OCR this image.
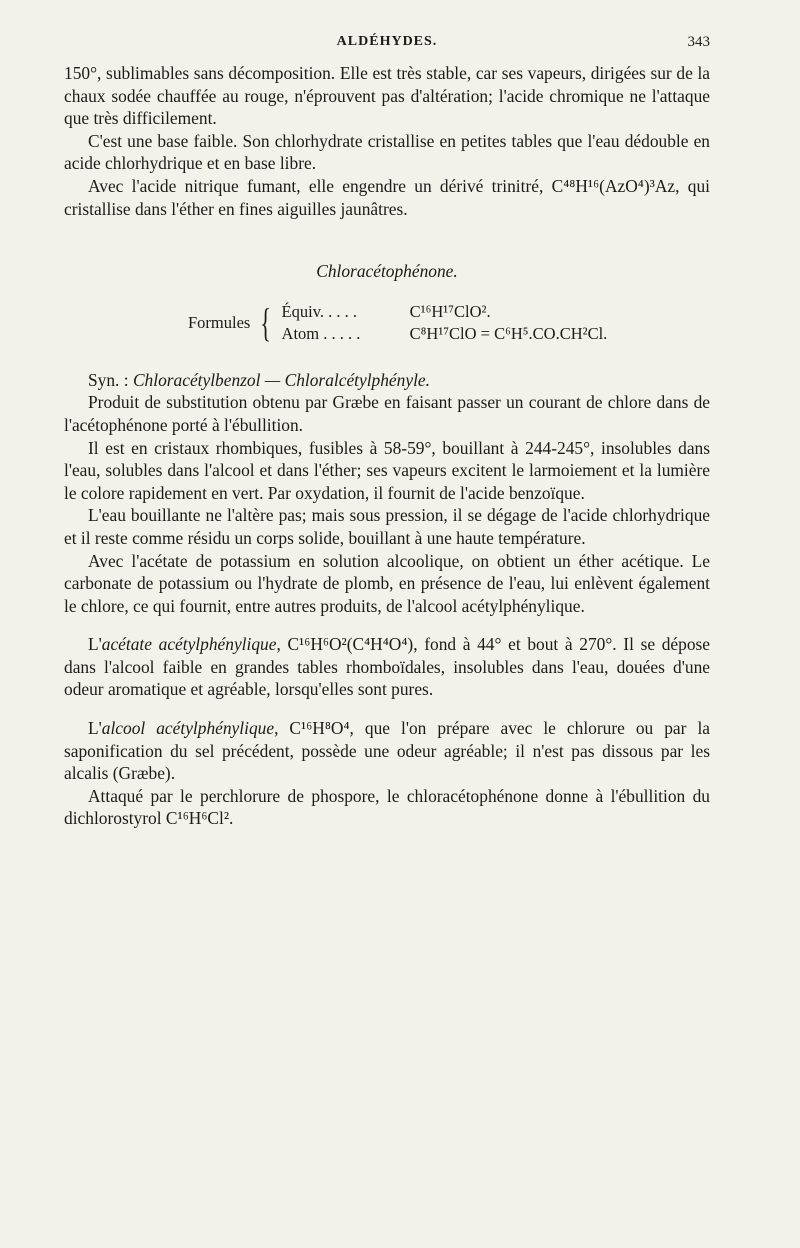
ALDÉHYDES.	343

150°, sublimables sans décomposition. Elle est très stable, car ses vapeurs, dirigées sur de la chaux sodée chauffée au rouge, n'éprouvent pas d'altération; l'acide chromique ne l'attaque que très difficilement.

C'est une base faible. Son chlorhydrate cristallise en petites tables que l'eau dédouble en acide chlorhydrique et en base libre.

Avec l'acide nitrique fumant, elle engendre un dérivé trinitré, C⁴⁸H¹⁶(AzO⁴)³Az, qui cristallise dans l'éther en fines aiguilles jaunâtres.

Chloracétophénone.
Formules { Équiv. . . . .	C¹⁶H¹⁷ClO².
Atom . . . . .	C⁸H¹⁷ClO = C⁶H⁵.CO.CH²Cl.

Syn. : Chloracétylbenzol — Chloralcétylphényle.

Produit de substitution obtenu par Græbe en faisant passer un courant de chlore dans de l'acétophénone porté à l'ébullition.

Il est en cristaux rhombiques, fusibles à 58-59°, bouillant à 244-245°, insolubles dans l'eau, solubles dans l'alcool et dans l'éther; ses vapeurs excitent le larmoiement et la lumière le colore rapidement en vert. Par oxydation, il fournit de l'acide benzoïque.

L'eau bouillante ne l'altère pas; mais sous pression, il se dégage de l'acide chlorhydrique et il reste comme résidu un corps solide, bouillant à une haute température.

Avec l'acétate de potassium en solution alcoolique, on obtient un éther acétique. Le carbonate de potassium ou l'hydrate de plomb, en présence de l'eau, lui enlèvent également le chlore, ce qui fournit, entre autres produits, de l'alcool acétylphénylique.

L'acétate acétylphénylique, C¹⁶H⁶O²(C⁴H⁴O⁴), fond à 44° et bout à 270°. Il se dépose dans l'alcool faible en grandes tables rhomboïdales, insolubles dans l'eau, douées d'une odeur aromatique et agréable, lorsqu'elles sont pures.

L'alcool acétylphénylique, C¹⁶H⁸O⁴, que l'on prépare avec le chlorure ou par la saponification du sel précédent, possède une odeur agréable; il n'est pas dissous par les alcalis (Græbe).

Attaqué par le perchlorure de phospore, le chloracétophénone donne à l'ébullition du dichlorostyrol C¹⁶H⁶Cl².
